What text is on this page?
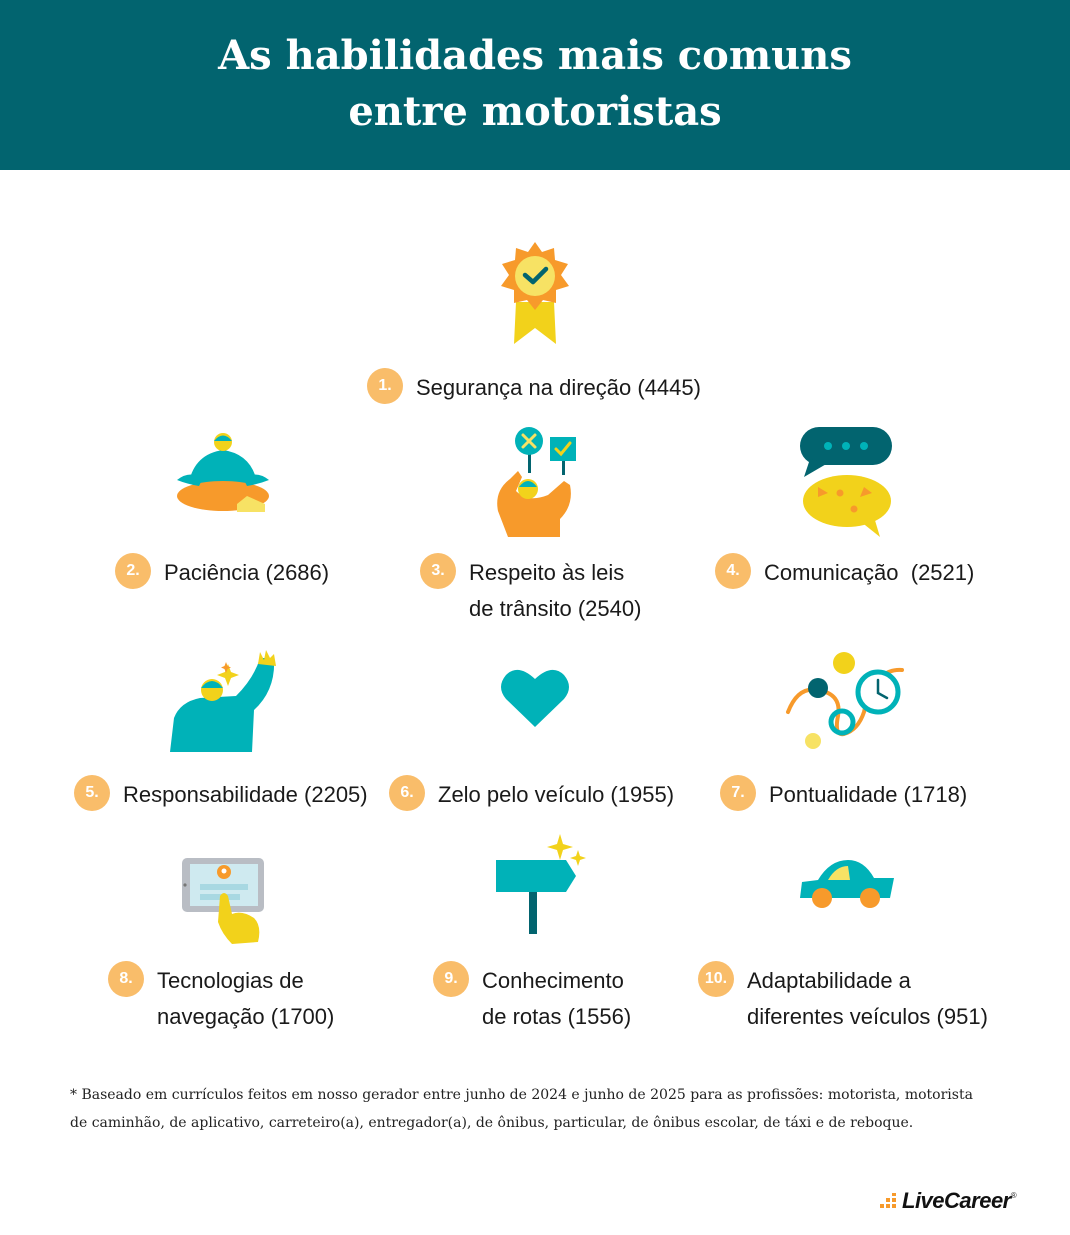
As habilidades mais comuns
entre motoristas
1.	Segurança na direção (4445)
2.	Paciência (2686)	3.	Respeito às leis
de trânsito (2540)
4.	Comunicação  (2521)
5.	Responsabilidade (2205)	6.	Zelo pelo veículo (1955)	7.	Pontualidade (1718)
8.	Tecnologias de
navegação (1700)
9.	Conhecimento
de rotas (1556)
10. Adaptabilidade a
diferentes veículos (951)
* Baseado em currículos feitos em nosso gerador entre junho de 2024 e junho de 2025 para as profissões: motorista, motorista
de caminhão, de aplicativo, carreteiro(a), entregador(a), de ônibus, particular, de ônibus escolar, de táxi e de reboque.
LiveCareer ®
